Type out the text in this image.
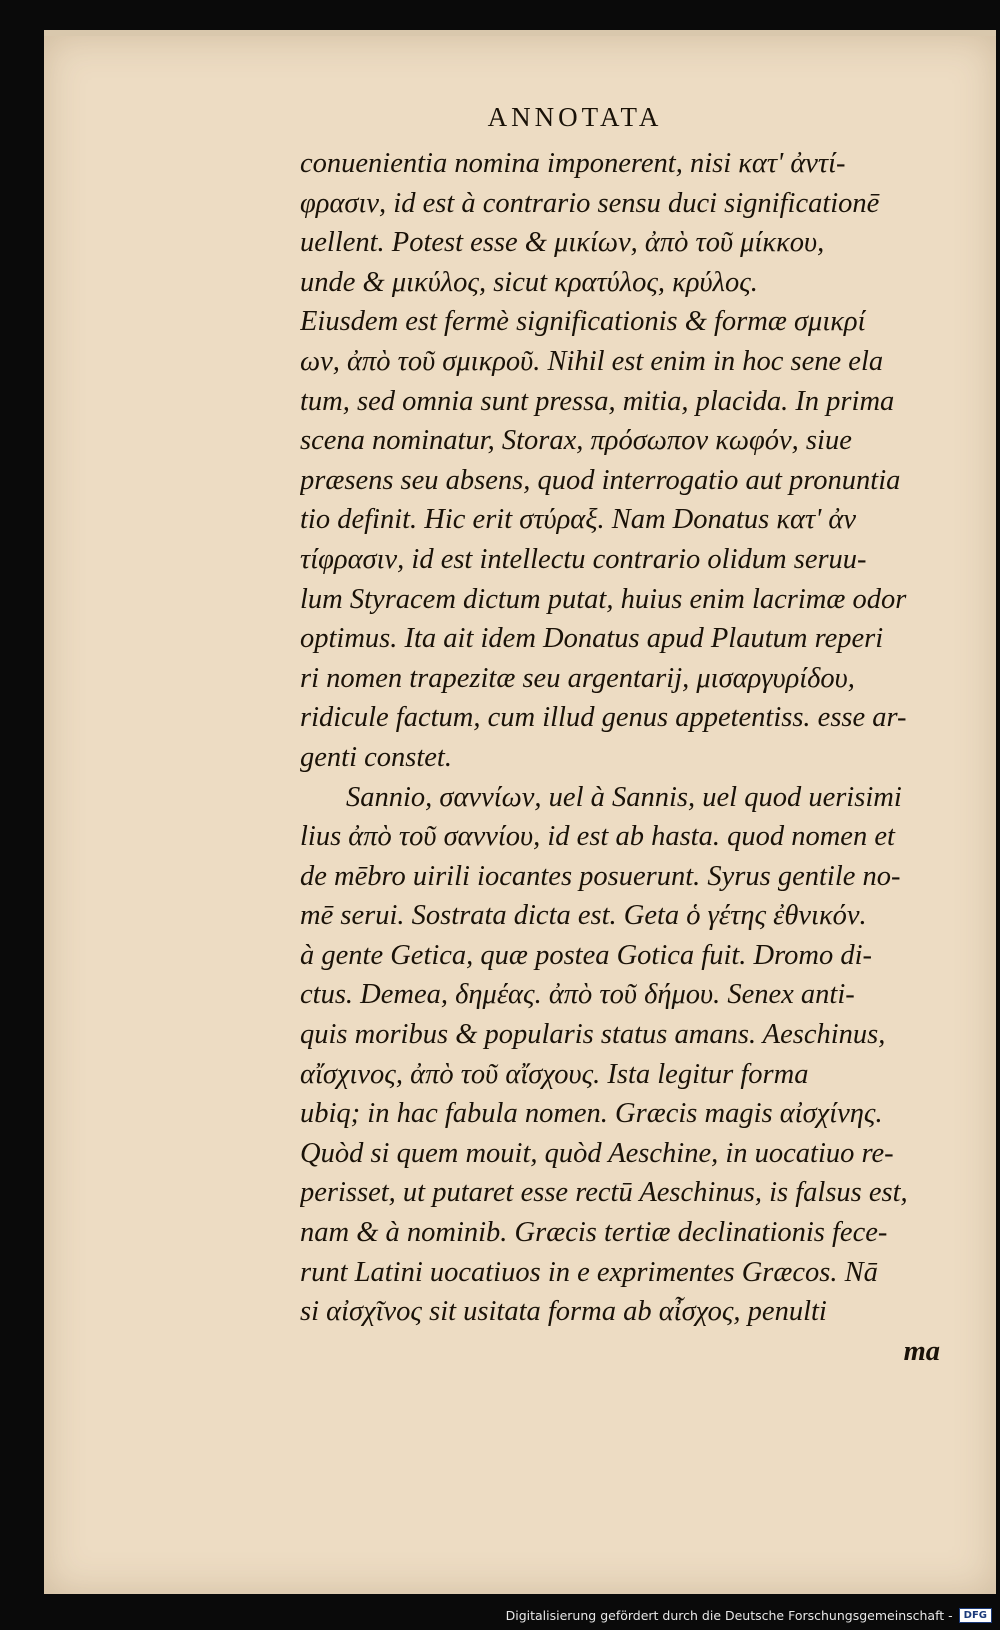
ANNOTATA
conuenientia nomina imponerent, nisi κατ' ἀντί-
φρασιν, id est à contrario sensu duci significationē
uellent. Potest esse & μικίων, ἀπὸ τοῦ μίκκου,
unde & μικύλος, sicut κρατύλος, κρύλος.
Eiusdem est fermè significationis & formæ σμικρί
ων, ἀπὸ τοῦ σμικροῦ. Nihil est enim in hoc sene ela
tum, sed omnia sunt pressa, mitia, placida. In prima
scena nominatur, Storax, πρόσωπον κωφόν, siue
præsens seu absens, quod interrogatio aut pronuntia
tio definit. Hic erit στύραξ. Nam Donatus κατ' ἀν
τίφρασιν, id est intellectu contrario olidum seruu-
lum Styracem dictum putat, huius enim lacrimæ odor
optimus. Ita ait idem Donatus apud Plautum reperi
ri nomen trapezitæ seu argentarij, μισαργυρίδου,
ridicule factum, cum illud genus appetentiss. esse ar-
genti constet.
Sannio, σαννίων, uel à Sannis, uel quod uerisimi
lius ἀπὸ τοῦ σαννίου, id est ab hasta. quod nomen et
de mēbro uirili iocantes posuerunt. Syrus gentile no-
mē serui. Sostrata dicta est. Geta ὁ γέτης ἐθνικόν.
à gente Getica, quæ postea Gotica fuit. Dromo di-
ctus. Demea, δημέας. ἀπὸ τοῦ δήμου. Senex anti-
quis moribus & popularis status amans. Aeschinus,
αἴσχινος, ἀπὸ τοῦ αἴσχους. Ista legitur forma
ubiq; in hac fabula nomen. Græcis magis αἰσχίνης.
Quòd si quem mouit, quòd Aeschine, in uocatiuo re-
perisset, ut putaret esse rectū Aeschinus, is falsus est,
nam & à nominib. Græcis tertiæ declinationis fece-
runt Latini uocatiuos in e exprimentes Græcos. Nā
si αἰσχῖνος sit usitata forma ab αἶσχος, penulti
ma
Digitalisierung gefördert durch die Deutsche Forschungsgemeinschaft -	DFG
